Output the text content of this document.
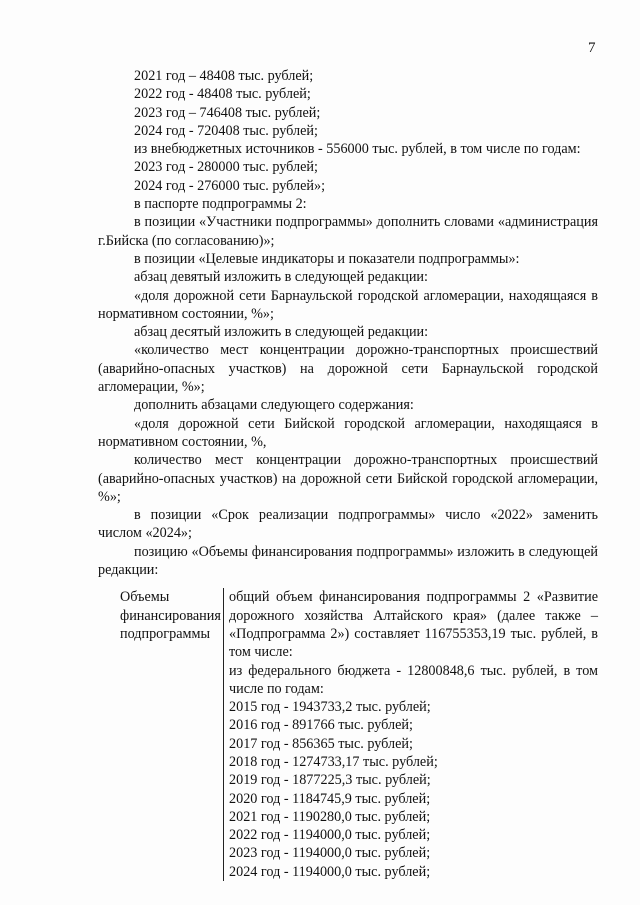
7

2021 год – 48408 тыс. рублей;

2022 год - 48408 тыс. рублей;

2023 год – 746408 тыс. рублей;

2024 год - 720408 тыс. рублей;

из внебюджетных источников - 556000 тыс. рублей, в том числе по годам:

2023 год - 280000 тыс. рублей;

2024 год - 276000 тыс. рублей»;

в паспорте подпрограммы 2:

в позиции «Участники подпрограммы» дополнить словами «администрация г.Бийска (по согласованию)»;

в позиции «Целевые индикаторы и показатели подпрограммы»:

абзац девятый изложить в следующей редакции:

«доля дорожной сети Барнаульской городской агломерации, находящаяся в нормативном состоянии, %»;

абзац десятый изложить в следующей редакции:

«количество мест концентрации дорожно-транспортных происшествий (аварийно-опасных участков) на дорожной сети Барнаульской городской агломерации, %»;

дополнить абзацами следующего содержания:

«доля дорожной сети Бийской городской агломерации, находящаяся в нормативном состоянии, %,

количество мест концентрации дорожно-транспортных происшествий (аварийно-опасных участков) на дорожной сети Бийской городской агломерации, %»;

в позиции «Срок реализации подпрограммы» число «2022» заменить числом «2024»;

позицию «Объемы финансирования подпрограммы» изложить в следующей редакции:

Объемы финансирования подпрограммы

общий объем финансирования подпрограммы 2 «Развитие дорожного хозяйства Алтайского края» (далее также – «Подпрограмма 2») составляет 116755353,19 тыс. рублей, в том числе:

из федерального бюджета - 12800848,6 тыс. рублей, в том числе по годам:

2015 год - 1943733,2 тыс. рублей;

2016 год - 891766 тыс. рублей;

2017 год - 856365 тыс. рублей;

2018 год - 1274733,17 тыс. рублей;

2019 год - 1877225,3 тыс. рублей;

2020 год - 1184745,9 тыс. рублей;

2021 год - 1190280,0 тыс. рублей;

2022 год - 1194000,0 тыс. рублей;

2023 год - 1194000,0 тыс. рублей;

2024 год - 1194000,0 тыс. рублей;
